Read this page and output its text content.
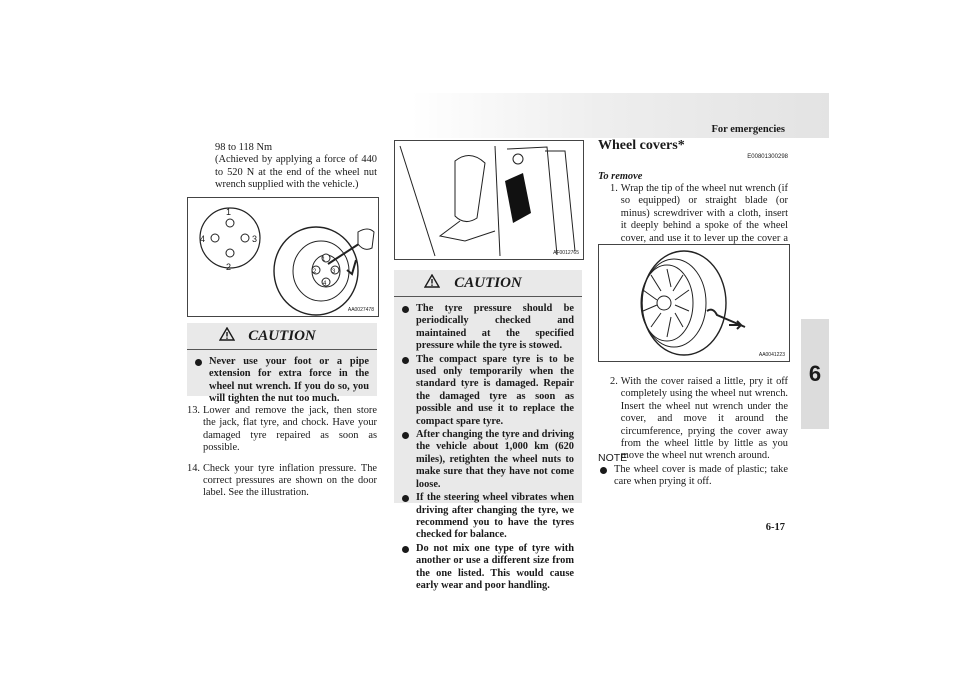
For emergencies
6
6-17
98 to 118 Nm
(Achieved by applying a force of 440 to 520 N at the end of the wheel nut wrench supplied with the vehicle.)
1
2
3
4
1
2	3
4
AA0027478
CAUTION
Never use your foot or a pipe extension for extra force in the wheel nut wrench. If you do so, you will tighten the nut too much.
13. Lower and remove the jack, then store the jack, flat tyre, and chock. Have your damaged tyre repaired as soon as possible.
14. Check your tyre inflation pressure. The correct pressures are shown on the door label. See the illustration.
AF0012765
CAUTION
The tyre pressure should be periodically checked and maintained at the specified pressure while the tyre is stowed.
The compact spare tyre is to be used only temporarily when the standard tyre is damaged. Repair the damaged tyre as soon as possible and use it to replace the compact spare tyre.
After changing the tyre and driving the vehicle about 1,000 km (620 miles), retighten the wheel nuts to make sure that they have not come loose.
If the steering wheel vibrates when driving after changing the tyre, we recommend you to have the tyres checked for balance.
Do not mix one type of tyre with another or use a different size from the one listed. This would cause early wear and poor handling.
Wheel covers*
E00801300298
To remove
1. Wrap the tip of the wheel nut wrench (if so equipped) or straight blade (or minus) screwdriver with a cloth, insert it deeply behind a spoke of the wheel cover, and use it to lever up the cover a
AA0041223
2. With the cover raised a little, pry it off completely using the wheel nut wrench. Insert the wheel nut wrench under the cover, and move it around the circumference, prying the cover away from the wheel little by little as you move the wheel nut wrench around.
NOTE
The wheel cover is made of plastic; take care when prying it off.
